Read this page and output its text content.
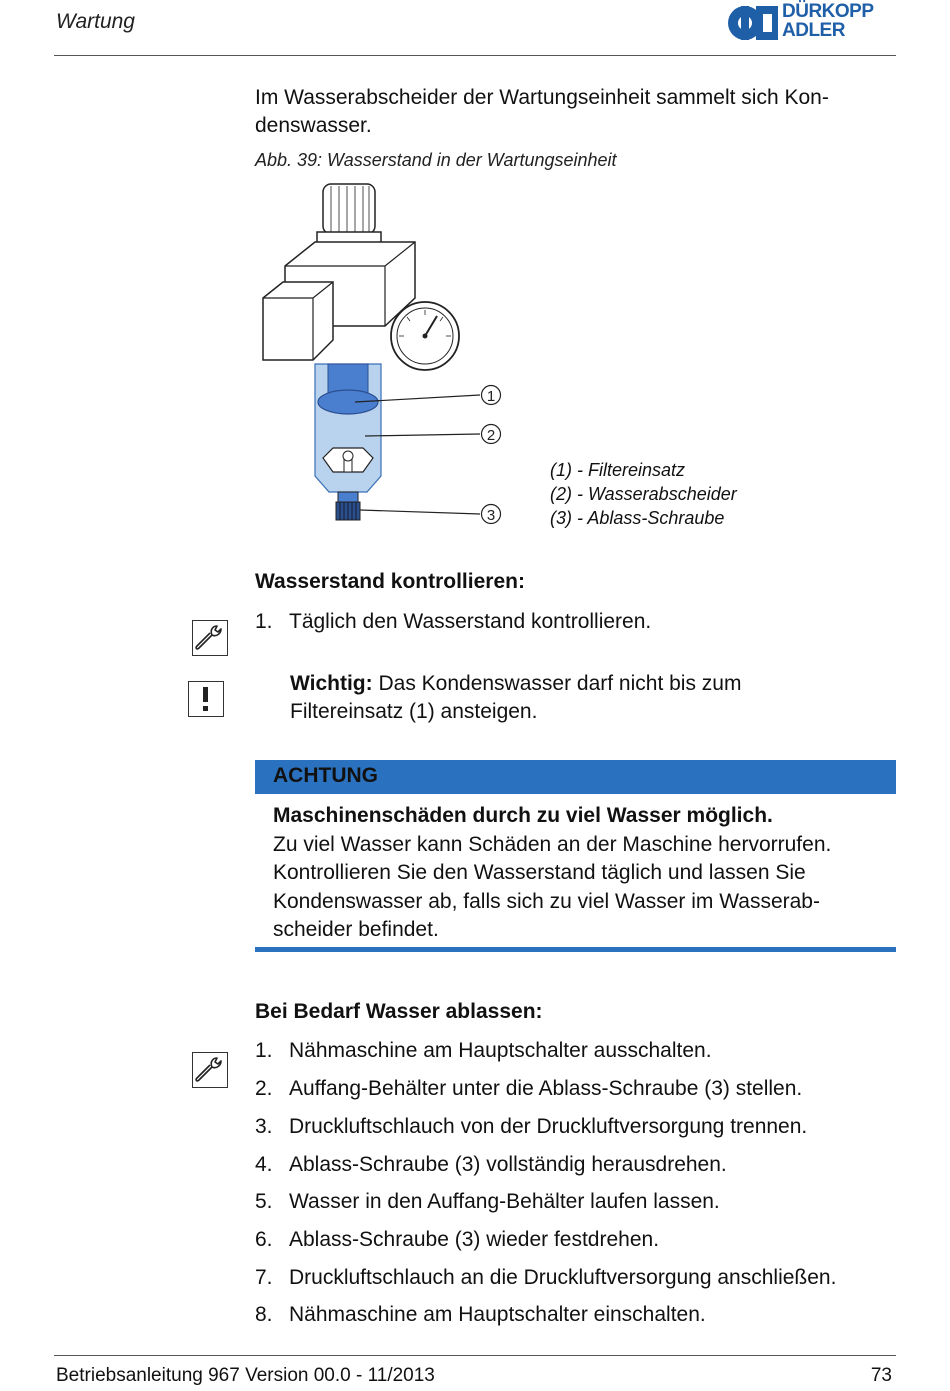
Wartung	DÜRKOPP
ADLER
Im Wasserabscheider der Wartungseinheit sammelt sich Kon-denswasser.
Abb. 39: Wasserstand in der Wartungseinheit
1
2
3
(1) - Filtereinsatz
(2) - Wasserabscheider
(3) - Ablass-Schraube
Wasserstand kontrollieren:
1. Täglich den Wasserstand kontrollieren.
Wichtig: Das Kondenswasser darf nicht bis zum Filtereinsatz (1) ansteigen.
ACHTUNG
Maschinenschäden durch zu viel Wasser möglich.
Zu viel Wasser kann Schäden an der Maschine hervorrufen.
Kontrollieren Sie den Wasserstand täglich und lassen Sie Kondenswasser ab, falls sich zu viel Wasser im Wasserab-scheider befindet.
Bei Bedarf Wasser ablassen:
1. Nähmaschine am Hauptschalter ausschalten.
2. Auffang-Behälter unter die Ablass-Schraube (3) stellen.
3. Druckluftschlauch von der Druckluftversorgung trennen.
4. Ablass-Schraube (3) vollständig herausdrehen.
5. Wasser in den Auffang-Behälter laufen lassen.
6. Ablass-Schraube (3) wieder festdrehen.
7. Druckluftschlauch an die Druckluftversorgung anschließen.
8. Nähmaschine am Hauptschalter einschalten.
Betriebsanleitung 967 Version 00.0 - 11/2013	73
